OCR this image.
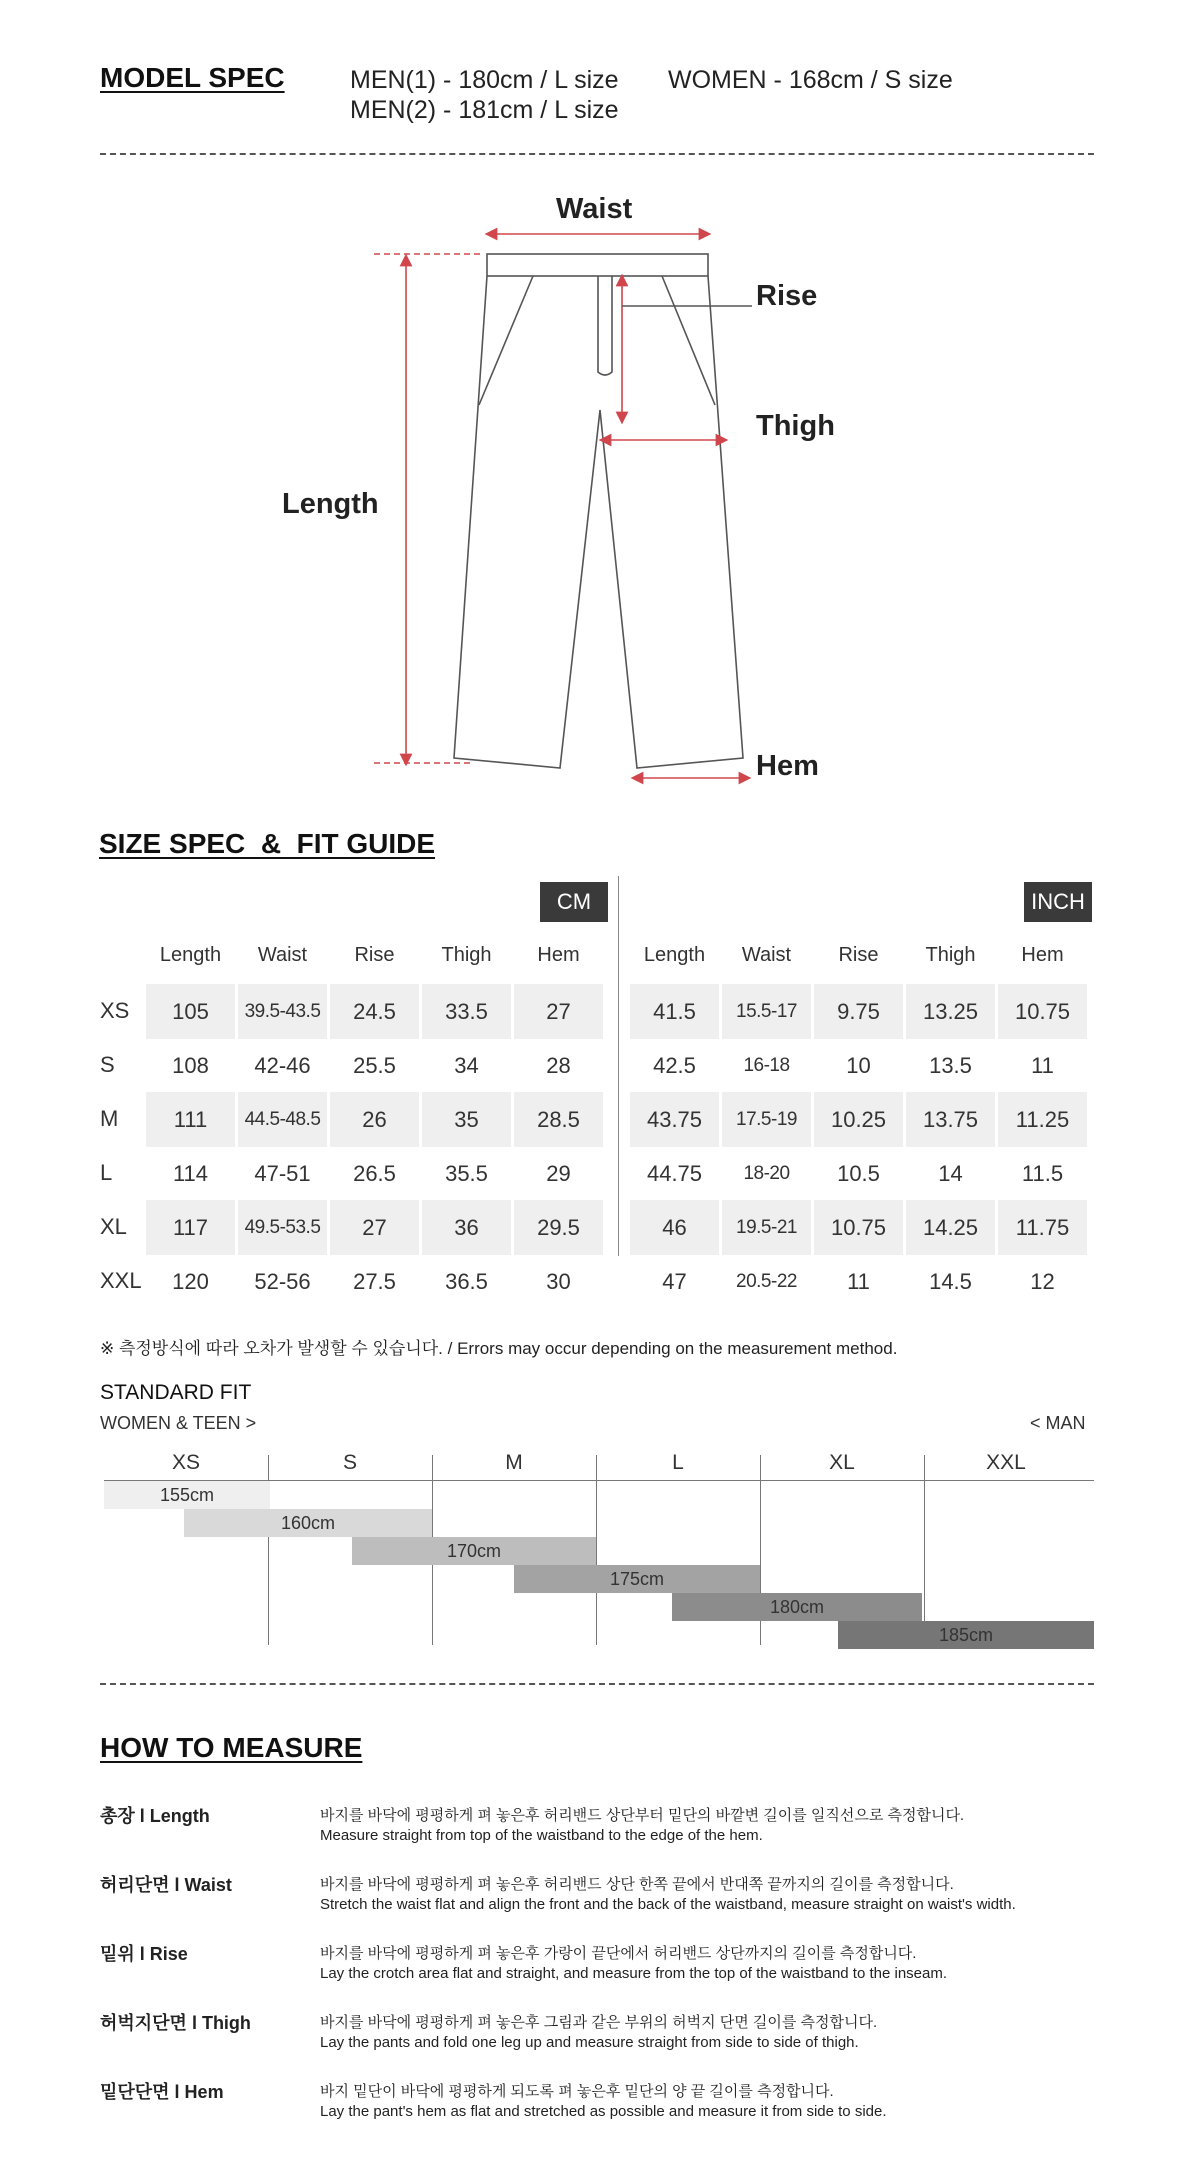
MODEL SPEC	MEN(1) - 180cm / L size
MEN(2) - 181cm / L size
WOMEN - 168cm / S size
Waist
Rise
Thigh
Length
Hem
SIZE SPEC  &  FIT GUIDE
CM	INCH
Length	Length
Waist	Waist
Rise	Rise
Thigh	Thigh
Hem	Hem
XS	105	39.5-43.5	24.5	33.5	27	41.5	15.5-17	9.75	13.25	10.75
S	108	42-46	25.5	34	28	42.5	16-18	10	13.5	11
M	111	44.5-48.5	26	35	28.5	43.75	17.5-19	10.25	13.75	11.25
L	114	47-51	26.5	35.5	29	44.75	18-20	10.5	14	11.5
XL	117	49.5-53.5	27	36	29.5	46	19.5-21	10.75	14.25	11.75
XXL	120	52-56	27.5	36.5	30	47	20.5-22	11	14.5	12
※ 측정방식에 따라 오차가 발생할 수 있습니다. / Errors may occur depending on the measurement method.
STANDARD FIT
WOMEN & TEEN >	< MAN
XS	S	M	L	XL	XXL
155cm
160cm
170cm
175cm
180cm
185cm
HOW TO MEASURE
총장 l Length	바지를 바닥에 평평하게 펴 놓은후 허리밴드 상단부터 밑단의 바깥변 길이를 일직선으로 측정합니다.
Measure straight from top of the waistband to the edge of the hem.
허리단면 l Waist	바지를 바닥에 평평하게 펴 놓은후 허리밴드 상단 한쪽 끝에서 반대쪽 끝까지의 길이를 측정합니다.
Stretch the waist flat and align the front and the back of the waistband, measure straight on waist's width.
밑위 l Rise	바지를 바닥에 평평하게 펴 놓은후 가랑이 끝단에서 허리밴드 상단까지의 길이를 측정합니다.
Lay the crotch area flat and straight, and measure from the top of the waistband to the inseam.
허벅지단면 l Thigh	바지를 바닥에 평평하게 펴 놓은후 그림과 같은 부위의 허벅지 단면 길이를 측정합니다.
Lay the pants and fold one leg up and measure straight from side to side of thigh.
밑단단면 l Hem	바지 밑단이 바닥에 평평하게 되도록 펴 놓은후 밑단의 양 끝 길이를 측정합니다.
Lay the pant's hem as flat and stretched as possible and measure it from side to side.
